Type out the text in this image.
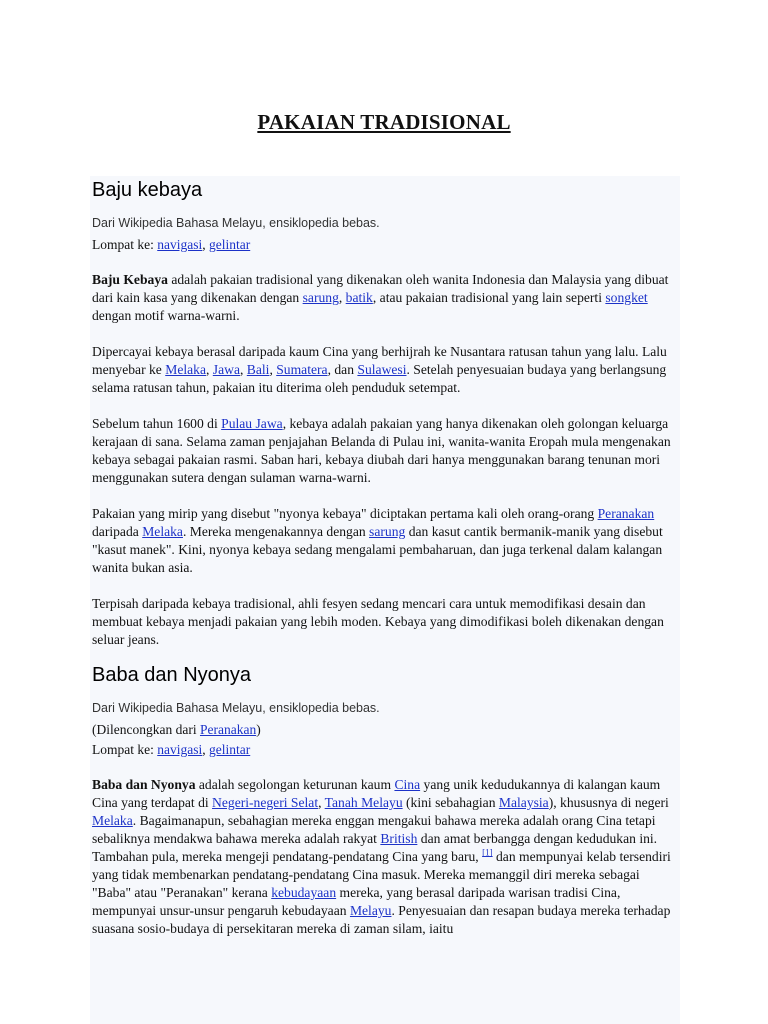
PAKAIAN TRADISIONAL
Baju kebaya
Dari Wikipedia Bahasa Melayu, ensiklopedia bebas.
Lompat ke: navigasi, gelintar

Baju Kebaya adalah pakaian tradisional yang dikenakan oleh wanita Indonesia dan Malaysia yang dibuat dari kain kasa yang dikenakan dengan sarung, batik, atau pakaian tradisional yang lain seperti songket dengan motif warna-warni.

Dipercayai kebaya berasal daripada kaum Cina yang berhijrah ke Nusantara ratusan tahun yang lalu. Lalu menyebar ke Melaka, Jawa, Bali, Sumatera, dan Sulawesi. Setelah penyesuaian budaya yang berlangsung selama ratusan tahun, pakaian itu diterima oleh penduduk setempat.

Sebelum tahun 1600 di Pulau Jawa, kebaya adalah pakaian yang hanya dikenakan oleh golongan keluarga kerajaan di sana. Selama zaman penjajahan Belanda di Pulau ini, wanita-wanita Eropah mula mengenakan kebaya sebagai pakaian rasmi. Saban hari, kebaya diubah dari hanya menggunakan barang tenunan mori menggunakan sutera dengan sulaman warna-warni.

Pakaian yang mirip yang disebut "nyonya kebaya" diciptakan pertama kali oleh orang-orang Peranakan daripada Melaka. Mereka mengenakannya dengan sarung dan kasut cantik bermanik-manik yang disebut "kasut manek". Kini, nyonya kebaya sedang mengalami pembaharuan, dan juga terkenal dalam kalangan wanita bukan asia.

Terpisah daripada kebaya tradisional, ahli fesyen sedang mencari cara untuk memodifikasi desain dan membuat kebaya menjadi pakaian yang lebih moden. Kebaya yang dimodifikasi boleh dikenakan dengan seluar jeans.

Baba dan Nyonya
Dari Wikipedia Bahasa Melayu, ensiklopedia bebas.
(Dilencongkan dari Peranakan)
Lompat ke: navigasi, gelintar

Baba dan Nyonya adalah segolongan keturunan kaum Cina yang unik kedudukannya di kalangan kaum Cina yang terdapat di Negeri-negeri Selat, Tanah Melayu (kini sebahagian Malaysia), khususnya di negeri Melaka. Bagaimanapun, sebahagian mereka enggan mengakui bahawa mereka adalah orang Cina tetapi sebaliknya mendakwa bahawa mereka adalah rakyat British dan amat berbangga dengan kedudukan ini. Tambahan pula, mereka mengeji pendatang-pendatang Cina yang baru, [1] dan mempunyai kelab tersendiri yang tidak membenarkan pendatang-pendatang Cina masuk. Mereka memanggil diri mereka sebagai "Baba" atau "Peranakan" kerana kebudayaan mereka, yang berasal daripada warisan tradisi Cina, mempunyai unsur-unsur pengaruh kebudayaan Melayu. Penyesuaian dan resapan budaya mereka terhadap suasana sosio-budaya di persekitaran mereka di zaman silam, iaitu
